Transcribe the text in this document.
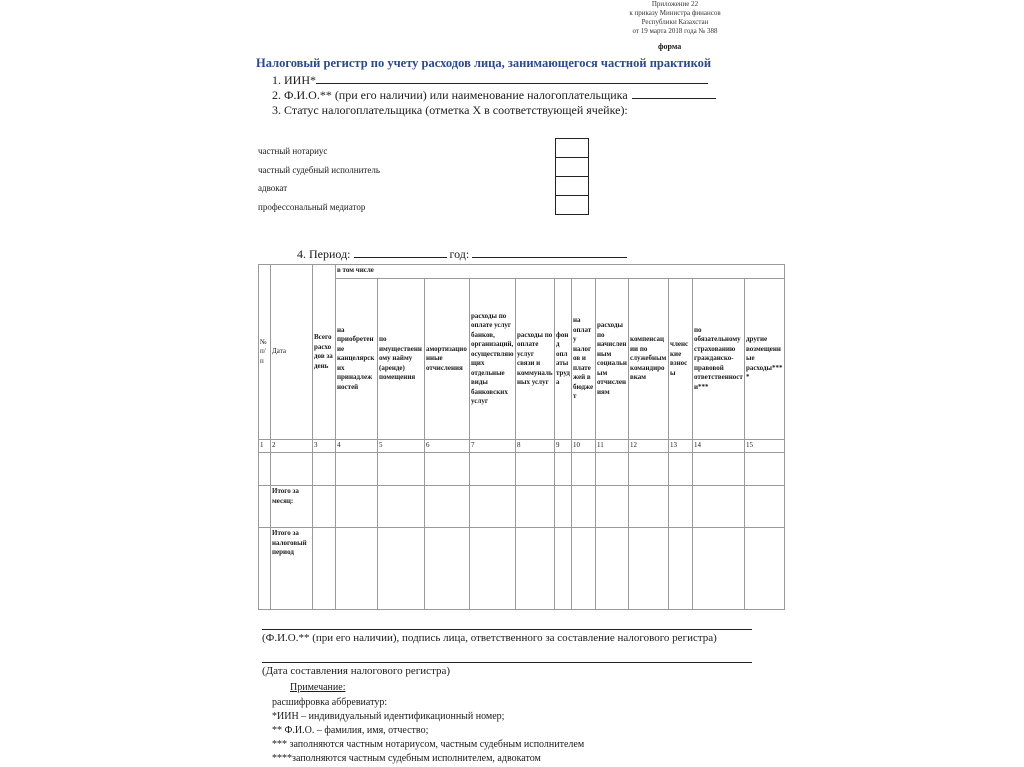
Приложение 22
к приказу Министра финансов
Республики Казахстан
от 19 марта 2018 года № 388
форма
Налоговый регистр по учету расходов лица, занимающегося частной практикой
1. ИИН*
2. Ф.И.О.** (при его наличии) или наименование налогоплательщика
3. Статус налогоплательщика (отметка Х в соответствующей ячейке):
частный нотариус
частный судебный исполнитель
адвокат
профессональный медиатор
4. Период:	год:
№ п/п	Дата	Всего расходов за день	в том числе											
			на приобретение канцелярских принадлежностей	по имущественному найму (аренде) помещения	амортизационные отчисления	расходы по оплате услуг банков, организаций, осуществляющих отдельные виды банковских услуг	расходы по оплате услуг связи и коммунальных услуг	фонд оплаты труда	на оплату налогов и платежей в бюджет	расходы по начисленным социальным отчислениям	компенсации по служебным командировкам	членские взносы	по обязательному страхованию гражданско-правовой ответственности***	другие возмещенные расходы****
1	2	3	4	5	6	7	8	9	10	11	12	13	14	15

	Итого за месяц:													
	Итого за налоговый период													
(Ф.И.О.** (при его наличии), подпись лица, ответственного за составление налогового регистра)
(Дата составления налогового регистра)
Примечание:
расшифровка аббревиатур:
*ИИН – индивидуальный идентификационный номер;
** Ф.И.О. – фамилия, имя, отчество;
*** заполняются частным нотариусом, частным судебным исполнителем
****заполняются частным судебным исполнителем, адвокатом
